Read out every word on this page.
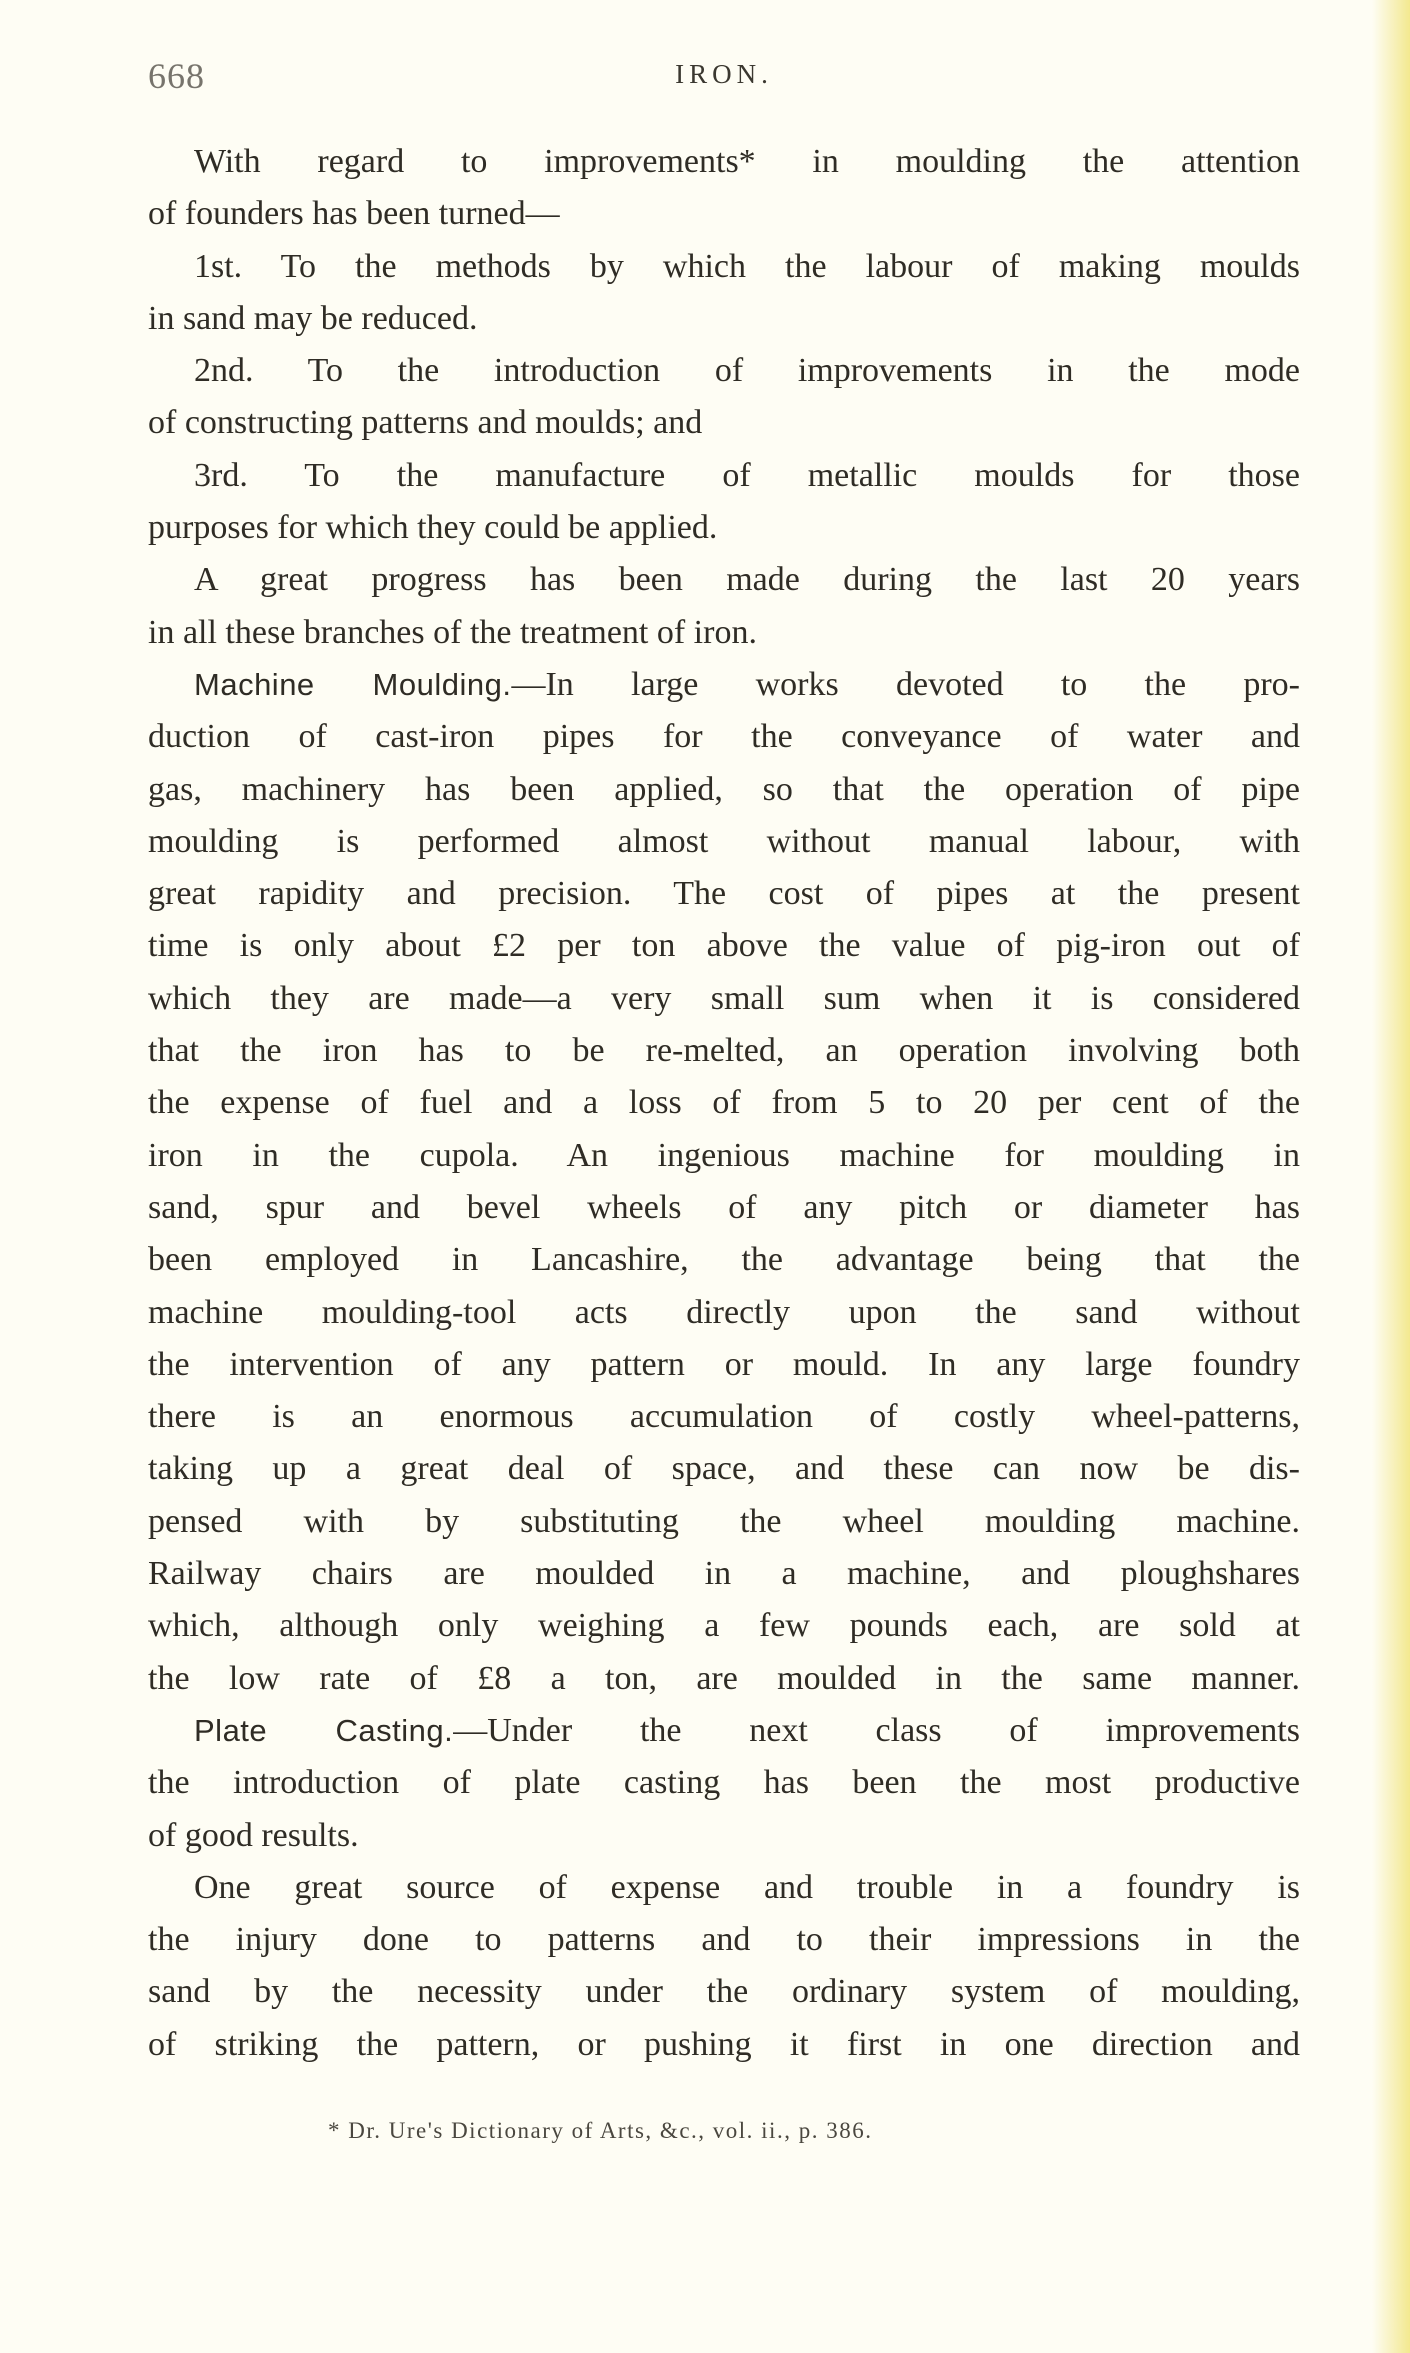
668	IRON.
With regard to improvements* in moulding the attention
of founders has been turned—
1st. To the methods by which the labour of making moulds
in sand may be reduced.
2nd. To the introduction of improvements in the mode
of constructing patterns and moulds; and
3rd. To the manufacture of metallic moulds for those
purposes for which they could be applied.
A great progress has been made during the last 20 years
in all these branches of the treatment of iron.
Machine Moulding.—In large works devoted to the pro-
duction of cast-iron pipes for the conveyance of water and
gas, machinery has been applied, so that the operation of pipe
moulding is performed almost without manual labour, with
great rapidity and precision. The cost of pipes at the present
time is only about £2 per ton above the value of pig-iron out of
which they are made—a very small sum when it is considered
that the iron has to be re-melted, an operation involving both
the expense of fuel and a loss of from 5 to 20 per cent of the
iron in the cupola. An ingenious machine for moulding in
sand, spur and bevel wheels of any pitch or diameter has
been employed in Lancashire, the advantage being that the
machine moulding-tool acts directly upon the sand without
the intervention of any pattern or mould. In any large foundry
there is an enormous accumulation of costly wheel-patterns,
taking up a great deal of space, and these can now be dis-
pensed with by substituting the wheel moulding machine.
Railway chairs are moulded in a machine, and ploughshares
which, although only weighing a few pounds each, are sold at
the low rate of £8 a ton, are moulded in the same manner.
Plate Casting.—Under the next class of improvements
the introduction of plate casting has been the most productive
of good results.
One great source of expense and trouble in a foundry is
the injury done to patterns and to their impressions in the
sand by the necessity under the ordinary system of moulding,
of striking the pattern, or pushing it first in one direction and
* Dr. Ure's Dictionary of Arts, &c., vol. ii., p. 386.
